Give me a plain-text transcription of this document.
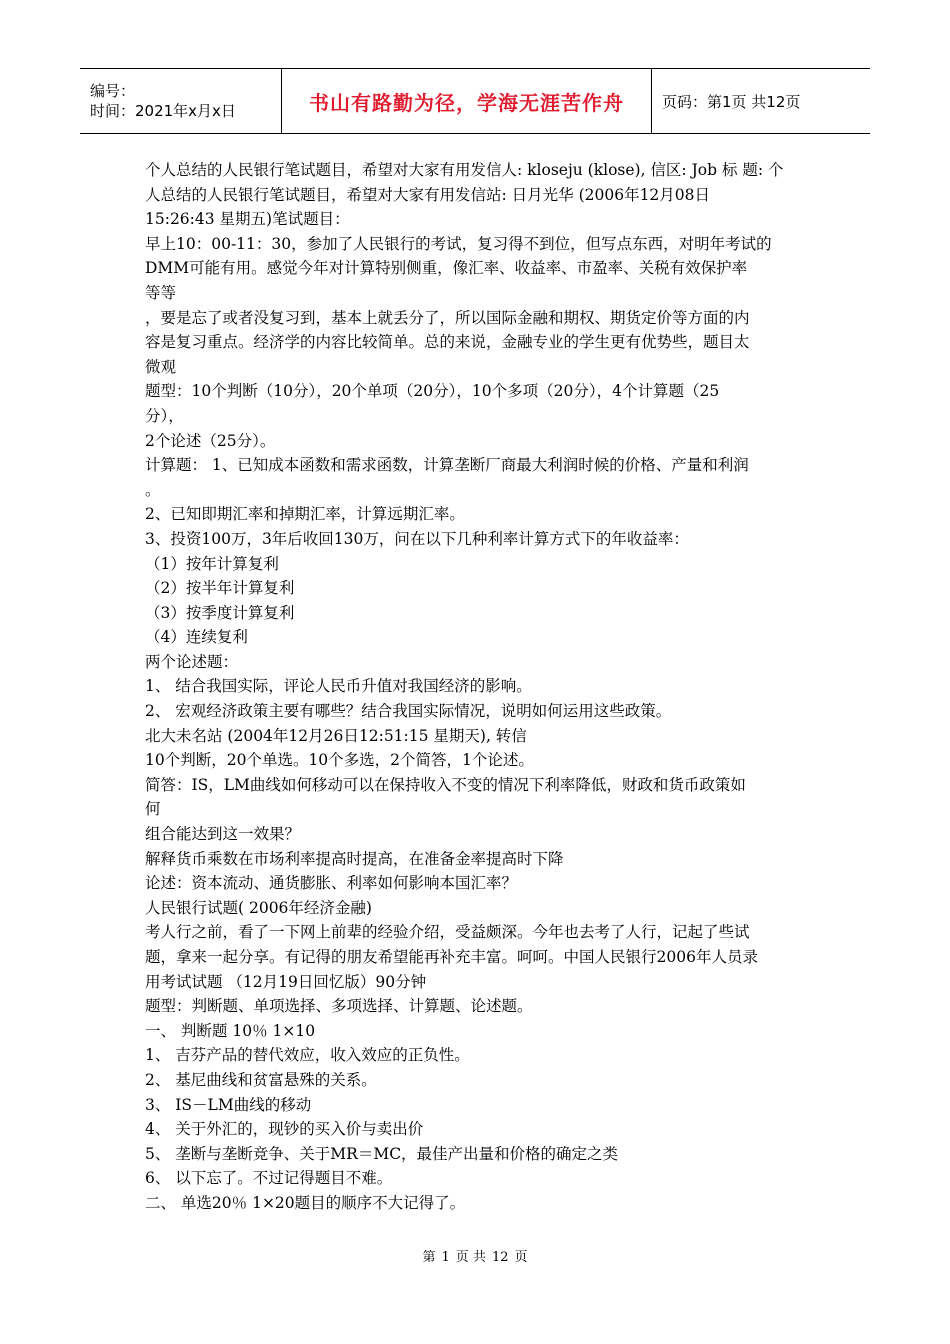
编号：
时间：2021年x月x日	书山有路勤为径，学海无涯苦作舟	页码：第1页 共12页
个人总结的人民银行笔试题目，希望对大家有用发信人: kloseju (klose), 信区: Job 标 题: 个
人总结的人民银行笔试题目，希望对大家有用发信站: 日月光华 (2006年12月08日
15:26:43 星期五)笔试题目：
早上10：00-11：30，参加了人民银行的考试，复习得不到位，但写点东西，对明年考试的
DMM可能有用。感觉今年对计算特别侧重，像汇率、收益率、市盈率、关税有效保护率
等等
，要是忘了或者没复习到，基本上就丢分了，所以国际金融和期权、期货定价等方面的内
容是复习重点。经济学的内容比较简单。总的来说，金融专业的学生更有优势些，题目太
微观
题型：10个判断（10分），20个单项（20分），10个多项（20分），4个计算题（25
分），
2个论述（25分）。
计算题： 1、已知成本函数和需求函数，计算垄断厂商最大利润时候的价格、产量和利润
。
2、已知即期汇率和掉期汇率，计算远期汇率。
3、投资100万，3年后收回130万，问在以下几种利率计算方式下的年收益率：
（1）按年计算复利
（2）按半年计算复利
（3）按季度计算复利
（4）连续复利
两个论述题：
1、 结合我国实际，评论人民币升值对我国经济的影响。
2、 宏观经济政策主要有哪些？结合我国实际情况，说明如何运用这些政策。
北大未名站 (2004年12月26日12:51:15 星期天), 转信
10个判断，20个单选。10个多选，2个简答，1个论述。
简答：IS，LM曲线如何移动可以在保持收入不变的情况下利率降低，财政和货币政策如
何
组合能达到这一效果？
解释货币乘数在市场利率提高时提高，在准备金率提高时下降
论述：资本流动、通货膨胀、利率如何影响本国汇率？
人民银行试题( 2006年经济金融)
考人行之前，看了一下网上前辈的经验介绍，受益颇深。今年也去考了人行，记起了些试
题，拿来一起分享。有记得的朋友希望能再补充丰富。呵呵。中国人民银行2006年人员录
用考试试题 （12月19日回忆版）90分钟
题型：判断题、单项选择、多项选择、计算题、论述题。
一、 判断题 10％ 1×10
1、 吉芬产品的替代效应，收入效应的正负性。
2、 基尼曲线和贫富悬殊的关系。
3、 IS－LM曲线的移动
4、 关于外汇的，现钞的买入价与卖出价
5、 垄断与垄断竞争、关于MR＝MC，最佳产出量和价格的确定之类
6、 以下忘了。不过记得题目不难。
二、 单选20％ 1×20题目的顺序不大记得了。
第 1 页 共 12 页
